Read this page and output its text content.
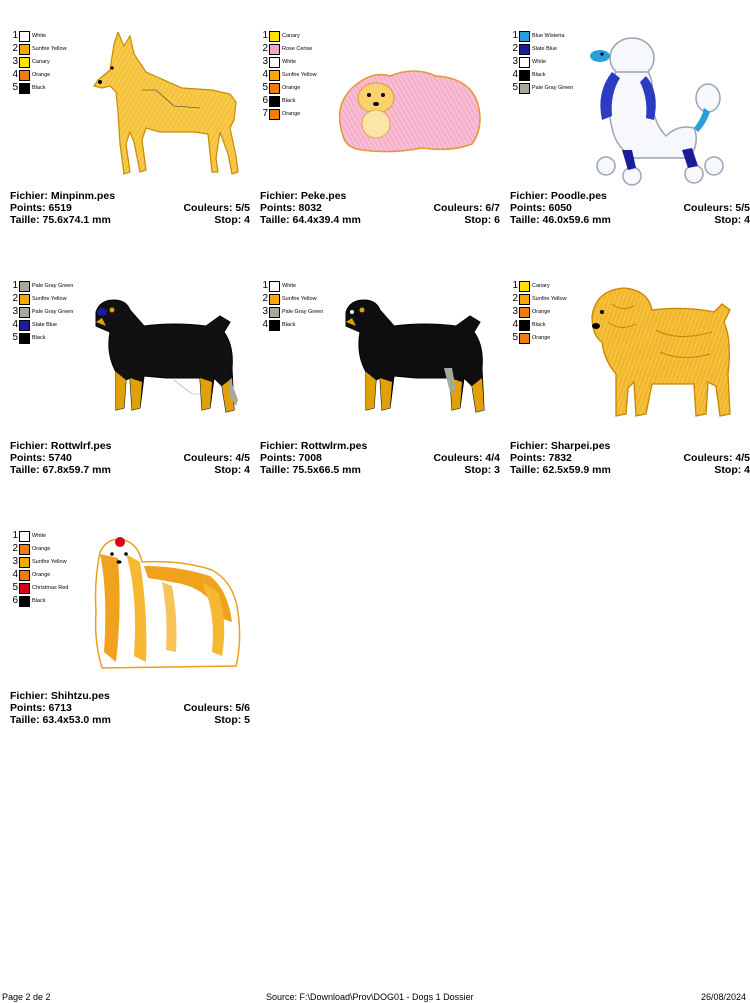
1	White
2	Sunfire Yellow
3	Canary
4	Orange
5	Black
Fichier: Minpinm.pes
Points: 6519	Couleurs: 5/5
Taille: 75.6x74.1 mm	Stop: 4
1	Canary
2	Rose Cerise
3	White
4	Sunfire Yellow
5	Orange
6	Black
7	Orange
Fichier: Peke.pes
Points: 8032	Couleurs: 6/7
Taille: 64.4x39.4 mm	Stop: 6
1	Blue Wisteria
2	Slate Blue
3	White
4	Black
5	Pale Gray Green
Fichier: Poodle.pes
Points: 6050	Couleurs: 5/5
Taille: 46.0x59.6 mm	Stop: 4
1	Pale Gray Green
2	Sunfire Yellow
3	Pale Gray Green
4	Slate Blue
5	Black
Fichier: Rottwlrf.pes
Points: 5740	Couleurs: 4/5
Taille: 67.8x59.7 mm	Stop: 4
1	White
2	Sunfire Yellow
3	Pale Gray Green
4	Black
Fichier: Rottwlrm.pes
Points: 7008	Couleurs: 4/4
Taille: 75.5x66.5 mm	Stop: 3
1	Canary
2	Sunfire Yellow
3	Orange
4	Black
5	Orange
Fichier: Sharpei.pes
Points: 7832	Couleurs: 4/5
Taille: 62.5x59.9 mm	Stop: 4
1	White
2	Orange
3	Sunfire Yellow
4	Orange
5	Christmas Red
6	Black
Fichier: Shihtzu.pes
Points: 6713	Couleurs: 5/6
Taille: 63.4x53.0 mm	Stop: 5
Page 2 de 2	Source: F:\Download\Prov\DOG01 - Dogs 1 Dossier	26/08/2024
